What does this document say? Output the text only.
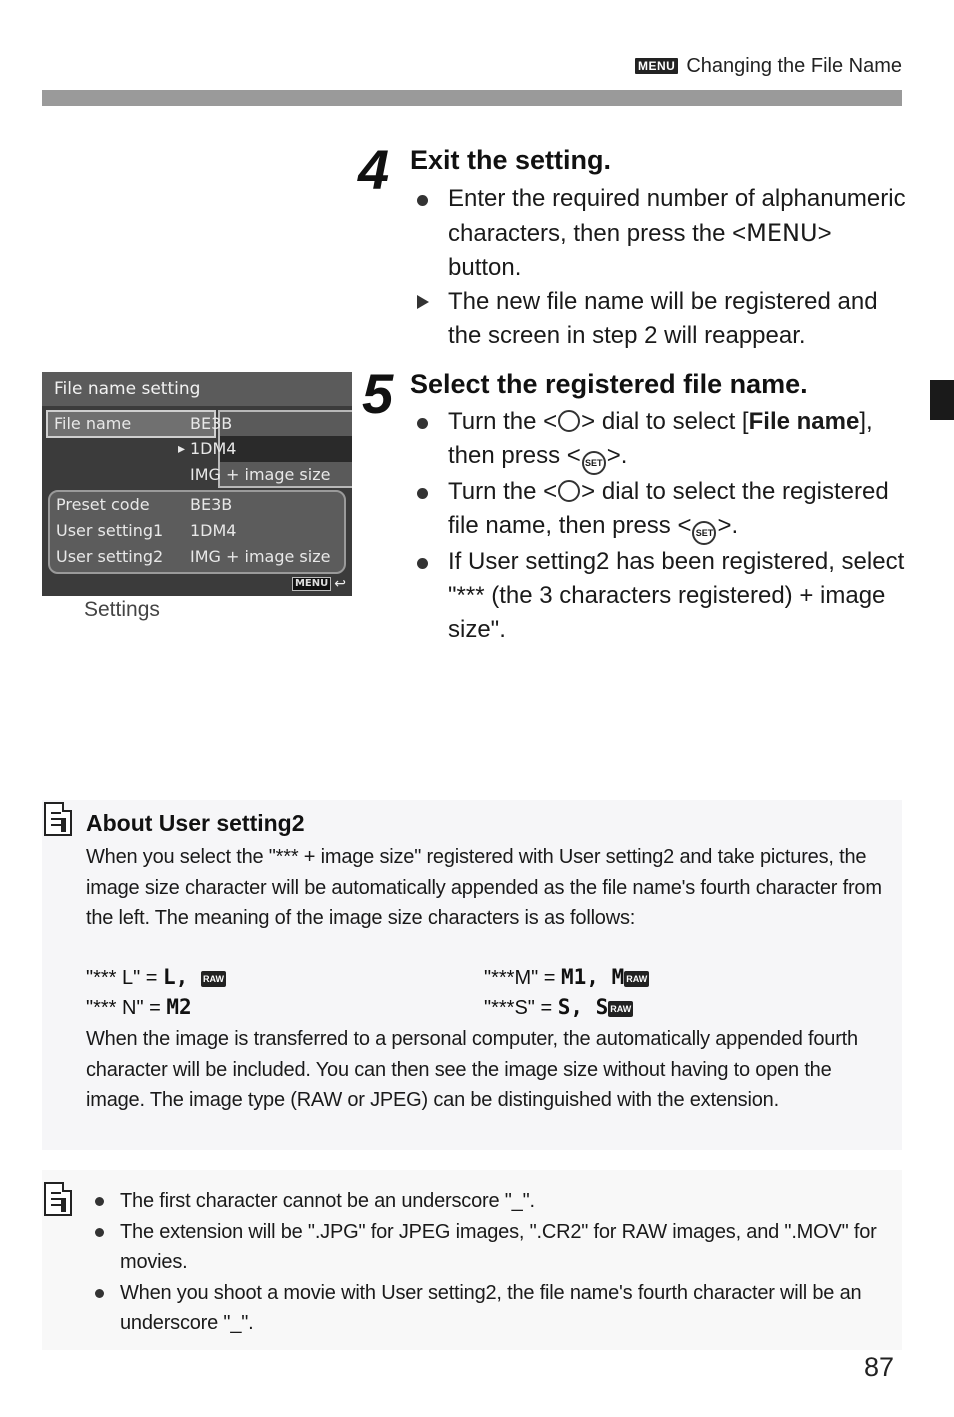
MENU Changing the File Name
4 Exit the setting.
Enter the required number of alphanumeric characters, then press the <MENU> button.
The new file name will be registered and the screen in step 2 will reappear.
5 Select the registered file name.
Turn the < > dial to select [File name], then press < SET >.
Turn the < > dial to select the registered file name, then press < SET >.
If User setting2 has been registered, select "*** (the 3 characters registered) + image size".
File name setting
File name	BE3B
▸ 1DM4
IMG + image size
Preset code	BE3B
User setting1 1DM4
User setting2 IMG + image size
MENU ↩
Settings
About User setting2
When you select the "*** + image size" registered with User setting2 and take pictures, the image size character will be automatically appended as the file name's fourth character from the left. The meaning of the image size characters is as follows:
"*** L" = L, RAW	"***M" = M1, M RAW
"*** N" = M2	"***S" = S, S RAW
When the image is transferred to a personal computer, the automatically appended fourth character will be included. You can then see the image size without having to open the image. The image type (RAW or JPEG) can be distinguished with the extension.
The first character cannot be an underscore "_".
The extension will be ".JPG" for JPEG images, ".CR2" for RAW images, and ".MOV" for movies.
When you shoot a movie with User setting2, the file name's fourth character will be an underscore "_".
87
